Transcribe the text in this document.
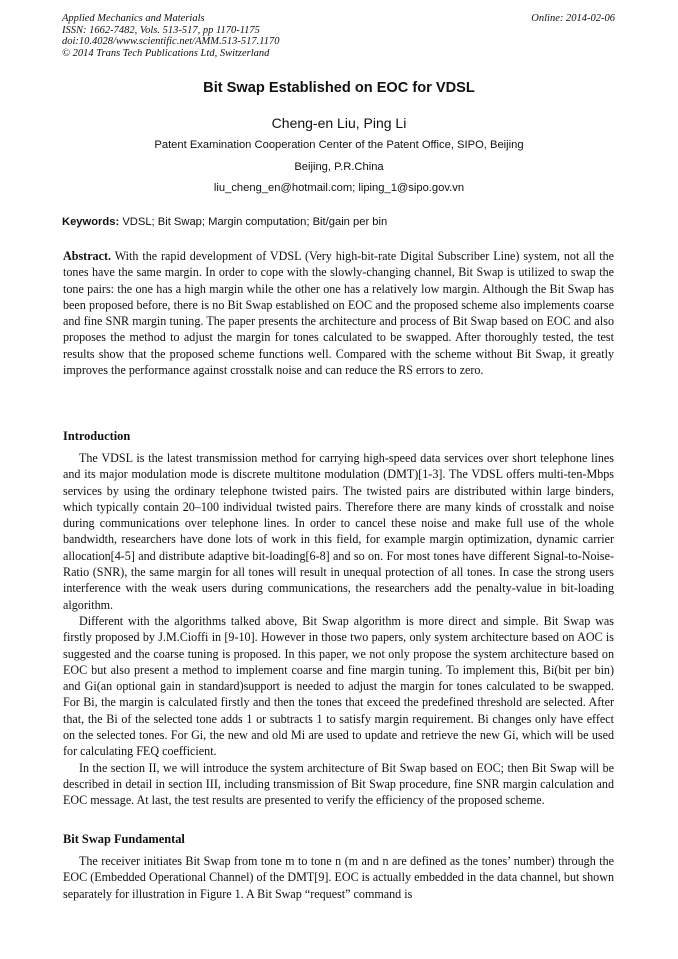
Applied Mechanics and Materials
ISSN: 1662-7482, Vols. 513-517, pp 1170-1175
doi:10.4028/www.scientific.net/AMM.513-517.1170
© 2014 Trans Tech Publications Ltd, Switzerland
Online: 2014-02-06
Bit Swap Established on EOC for VDSL
Cheng-en Liu, Ping Li
Patent Examination Cooperation Center of the Patent Office, SIPO, Beijing
Beijing, P.R.China
liu_cheng_en@hotmail.com; liping_1@sipo.gov.vn
Keywords: VDSL; Bit Swap; Margin computation; Bit/gain per bin
Abstract. With the rapid development of VDSL (Very high-bit-rate Digital Subscriber Line) system, not all the tones have the same margin. In order to cope with the slowly-changing channel, Bit Swap is utilized to swap the tone pairs: the one has a high margin while the other one has a relatively low margin. Although the Bit Swap has been proposed before, there is no Bit Swap established on EOC and the proposed scheme also implements coarse and fine SNR margin tuning. The paper presents the architecture and process of Bit Swap based on EOC and also proposes the method to adjust the margin for tones calculated to be swapped. After thoroughly tested, the test results show that the proposed scheme functions well. Compared with the scheme without Bit Swap, it greatly improves the performance against crosstalk noise and can reduce the RS errors to zero.
Introduction

The VDSL is the latest transmission method for carrying high-speed data services over short telephone lines and its major modulation mode is discrete multitone modulation (DMT)[1-3]. The VDSL offers multi-ten-Mbps services by using the ordinary telephone twisted pairs. The twisted pairs are distributed within large binders, which typically contain 20–100 individual twisted pairs. Therefore there are many kinds of crosstalk and noise during communications over telephone lines. In order to cancel these noise and make full use of the whole bandwidth, researchers have done lots of work in this field, for example margin optimization, dynamic carrier allocation[4-5] and distribute adaptive bit-loading[6-8] and so on. For most tones have different Signal-to-Noise-Ratio (SNR), the same margin for all tones will result in unequal protection of all tones. In case the strong users interference with the weak users during communications, the researchers add the penalty-value in bit-loading algorithm.

Different with the algorithms talked above, Bit Swap algorithm is more direct and simple. Bit Swap was firstly proposed by J.M.Cioffi in [9-10]. However in those two papers, only system architecture based on AOC is suggested and the coarse tuning is proposed. In this paper, we not only propose the system architecture based on EOC but also present a method to implement coarse and fine margin tuning. To implement this, Bi(bit per bin) and Gi(an optional gain in standard)support is needed to adjust the margin for tones calculated to be swapped. For Bi, the margin is calculated firstly and then the tones that exceed the predefined threshold are selected. After that, the Bi of the selected tone adds 1 or subtracts 1 to satisfy margin requirement. Bi changes only have effect on the selected tones. For Gi, the new and old Mi are used to update and retrieve the new Gi, which will be used for calculating FEQ coefficient.

In the section II, we will introduce the system architecture of Bit Swap based on EOC; then Bit Swap will be described in detail in section III, including transmission of Bit Swap procedure, fine SNR margin calculation and EOC message. At last, the test results are presented to verify the efficiency of the proposed scheme.

Bit Swap Fundamental

The receiver initiates Bit Swap from tone m to tone n (m and n are defined as the tones’ number) through the EOC (Embedded Operational Channel) of the DMT[9]. EOC is actually embedded in the data channel, but shown separately for illustration in Figure 1. A Bit Swap “request” command is
